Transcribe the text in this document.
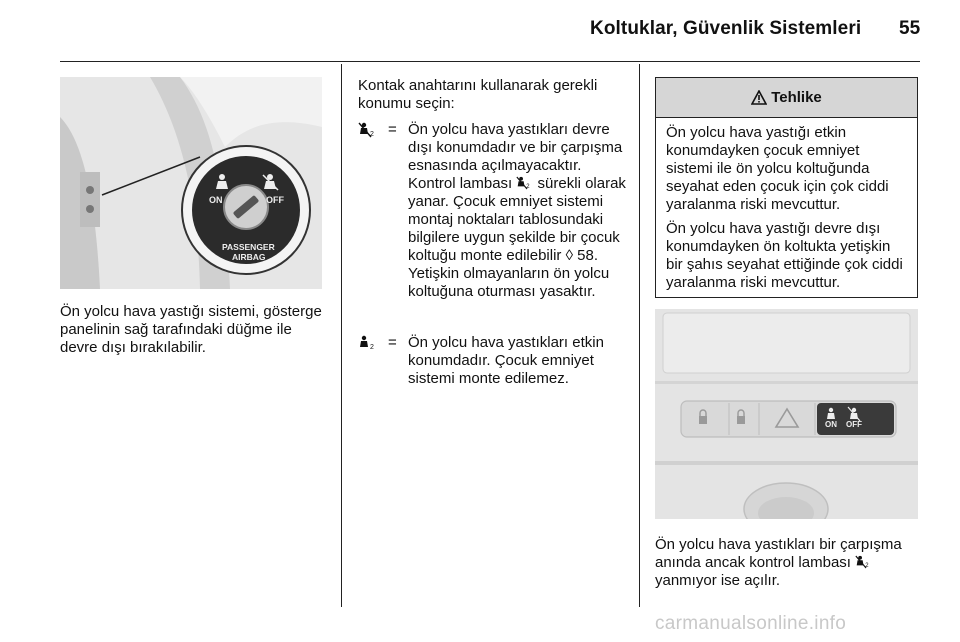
Koltuklar, Güvenlik Sistemleri 55
ON	OFF
PASSENGER
AIRBAG
Ön yolcu hava yastığı sistemi, gösterge panelinin sağ tarafındaki düğme ile devre dışı bırakılabilir.
Kontak anahtarını kullanarak gerekli konumu seçin:
2 = Ön yolcu hava yastıkları devre dışı konumdadır ve bir çarpışma esnasında açılmayacaktır. Kontrol lambası 2 sürekli olarak yanar. Çocuk emniyet sistemi montaj noktaları tablosundaki bilgilere uygun şekilde bir çocuk koltuğu monte edilebilir ◊ 58. Yetişkin olmayanların ön yolcu koltuğuna oturması yasaktır.
2 = Ön yolcu hava yastıkları etkin konumdadır. Çocuk emniyet sistemi monte edilemez.
Tehlike

Ön yolcu hava yastığı etkin konumdayken çocuk emniyet sistemi ile ön yolcu koltuğunda seyahat eden çocuk için çok ciddi yaralanma riski mevcuttur.

Ön yolcu hava yastığı devre dışı konumdayken ön koltukta yetişkin bir şahıs seyahat ettiğinde çok ciddi yaralanma riski mevcuttur.

ON OFF
Ön yolcu hava yastıkları bir çarpışma anında ancak kontrol lambası 2
yanmıyor ise açılır.
carmanualsonline.info
